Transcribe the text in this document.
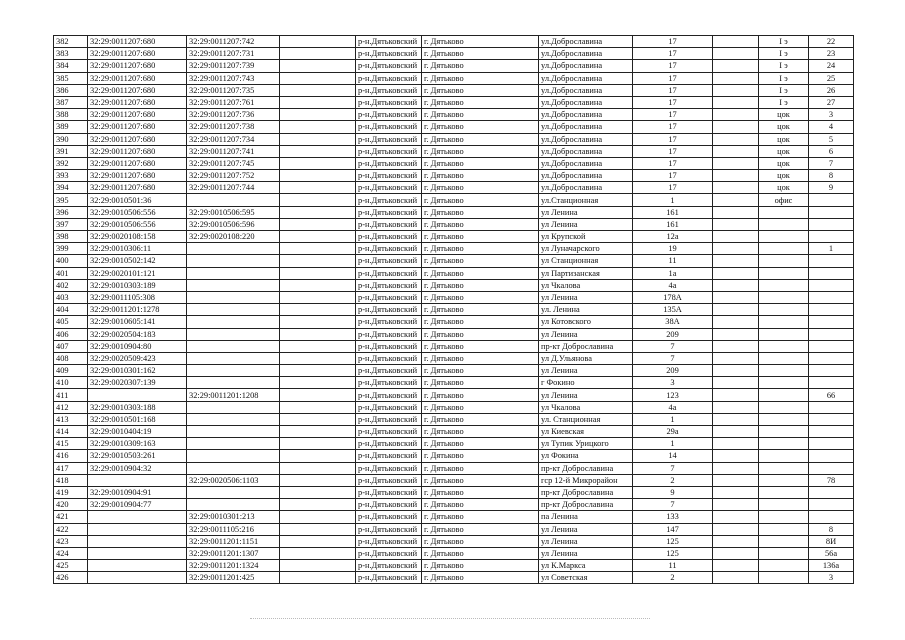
382	32:29:0011207:680	32:29:0011207:742		р-н.Дятьковский	г. Дятьково	ул.Доброславина	17		I э	22
383	32:29:0011207:680	32:29:0011207:731		р-н.Дятьковский	г. Дятьково	ул.Доброславина	17		I э	23
384	32:29:0011207:680	32:29:0011207:739		р-н.Дятьковский	г. Дятьково	ул.Доброславина	17		I э	24
385	32:29:0011207:680	32:29:0011207:743		р-н.Дятьковский	г. Дятьково	ул.Доброславина	17		I э	25
386	32:29:0011207:680	32:29:0011207:735		р-н.Дятьковский	г. Дятьково	ул.Доброславина	17		I э	26
387	32:29:0011207:680	32:29:0011207:761		р-н.Дятьковский	г. Дятьково	ул.Доброславина	17		I э	27
388	32:29:0011207:680	32:29:0011207:736		р-н.Дятьковский	г. Дятьково	ул.Доброславина	17		цок	3
389	32:29:0011207:680	32:29:0011207:738		р-н.Дятьковский	г. Дятьково	ул.Доброславина	17		цок	4
390	32:29:0011207:680	32:29:0011207:734		р-н.Дятьковский	г. Дятьково	ул.Доброславина	17		цок	5
391	32:29:0011207:680	32:29:0011207:741		р-н.Дятьковский	г. Дятьково	ул.Доброславина	17		цок	6
392	32:29:0011207:680	32:29:0011207:745		р-н.Дятьковский	г. Дятьково	ул.Доброславина	17		цок	7
393	32:29:0011207:680	32:29:0011207:752		р-н.Дятьковский	г. Дятьково	ул.Доброславина	17		цок	8
394	32:29:0011207:680	32:29:0011207:744		р-н.Дятьковский	г. Дятьково	ул.Доброславина	17		цок	9
395	32:29:0010501:36			р-н.Дятьковский	г. Дятьково	ул.Станционная	1		офис	
396	32:29:0010506:556	32:29:0010506:595		р-н.Дятьковский	г. Дятьково	ул Ленина	161			
397	32:29:0010506:556	32:29:0010506:596		р-н.Дятьковский	г. Дятьково	ул Ленина	161			
398	32:29:0020108:158	32:29:0020108:220		р-н.Дятьковский	г. Дятьково	ул Крупской	12а			
399	32:29:0010306:11			р-н.Дятьковский	г. Дятьково	ул Луначарского	19			1
400	32:29:0010502:142			р-н.Дятьковский	г. Дятьково	ул Станционная	11			
401	32:29:0020101:121			р-н.Дятьковский	г. Дятьково	ул Партизанская	1а			
402	32:29:0010303:189			р-н.Дятьковский	г. Дятьково	ул Чкалова	4а			
403	32:29:0011105:308			р-н.Дятьковский	г. Дятьково	ул Ленина	178А			
404	32:29:0011201:1278			р-н.Дятьковский	г. Дятьково	ул. Ленина	135А			
405	32:29:0010605:141			р-н.Дятьковский	г. Дятьково	ул Котовского	38А			
406	32:29:0020504:183			р-н.Дятьковский	г. Дятьково	ул Ленина	209			
407	32:29:0010904:80			р-н.Дятьковский	г. Дятьково	пр-кт Доброславина	7			
408	32:29:0020509:423			р-н.Дятьковский	г. Дятьково	ул Д.Ульянова	7			
409	32:29:0010301:162			р-н.Дятьковский	г. Дятьково	ул Ленина	209			
410	32:29:0020307:139			р-н.Дятьковский	г. Дятьково	г Фокино	3			
411		32:29:0011201:1208		р-н.Дятьковский	г. Дятьково	ул Ленина	123			66
412	32:29:0010303:188			р-н.Дятьковский	г. Дятьково	ул Чкалова	4а			
413	32:29:0010501:168			р-н.Дятьковский	г. Дятьково	ул. Станционная	1			
414	32:29:0010404:19			р-н.Дятьковский	г. Дятьково	ул Киевская	29а			
415	32:29:0010309:163			р-н.Дятьковский	г. Дятьково	ул Тупик Урицкого	1			
416	32:29:0010503:261			р-н.Дятьковский	г. Дятьково	ул Фокина	14			
417	32:29:0010904:32			р-н.Дятьковский	г. Дятьково	пр-кт Доброславина	7			
418		32:29:0020506:1103		р-н.Дятьковский	г. Дятьково	гср 12-й Микрорайон	2			78
419	32:29:0010904:91			р-н.Дятьковский	г. Дятьково	пр-кт Доброславина	9			
420	32:29:0010904:77			р-н.Дятьковский	г. Дятьково	пр-кт Доброславина	7			
421		32:29:0010301:213		р-н.Дятьковский	г. Дятьково	па Ленина	133			
422		32:29:0011105:216		р-н.Дятьковский	г. Дятьково	ул Ленина	147			8
423		32:29:0011201:1151		р-н.Дятьковский	г. Дятьково	ул Ленина	125			8И
424		32:29:0011201:1307		р-н.Дятьковский	г. Дятьково	ул Ленина	125			56а
425		32:29:0011201:1324		р-н.Дятьковский	г. Дятьково	ул К.Маркса	11			136а
426		32:29:0011201:425		р-н.Дятьковский	г. Дятьково	ул Советская	2			3
